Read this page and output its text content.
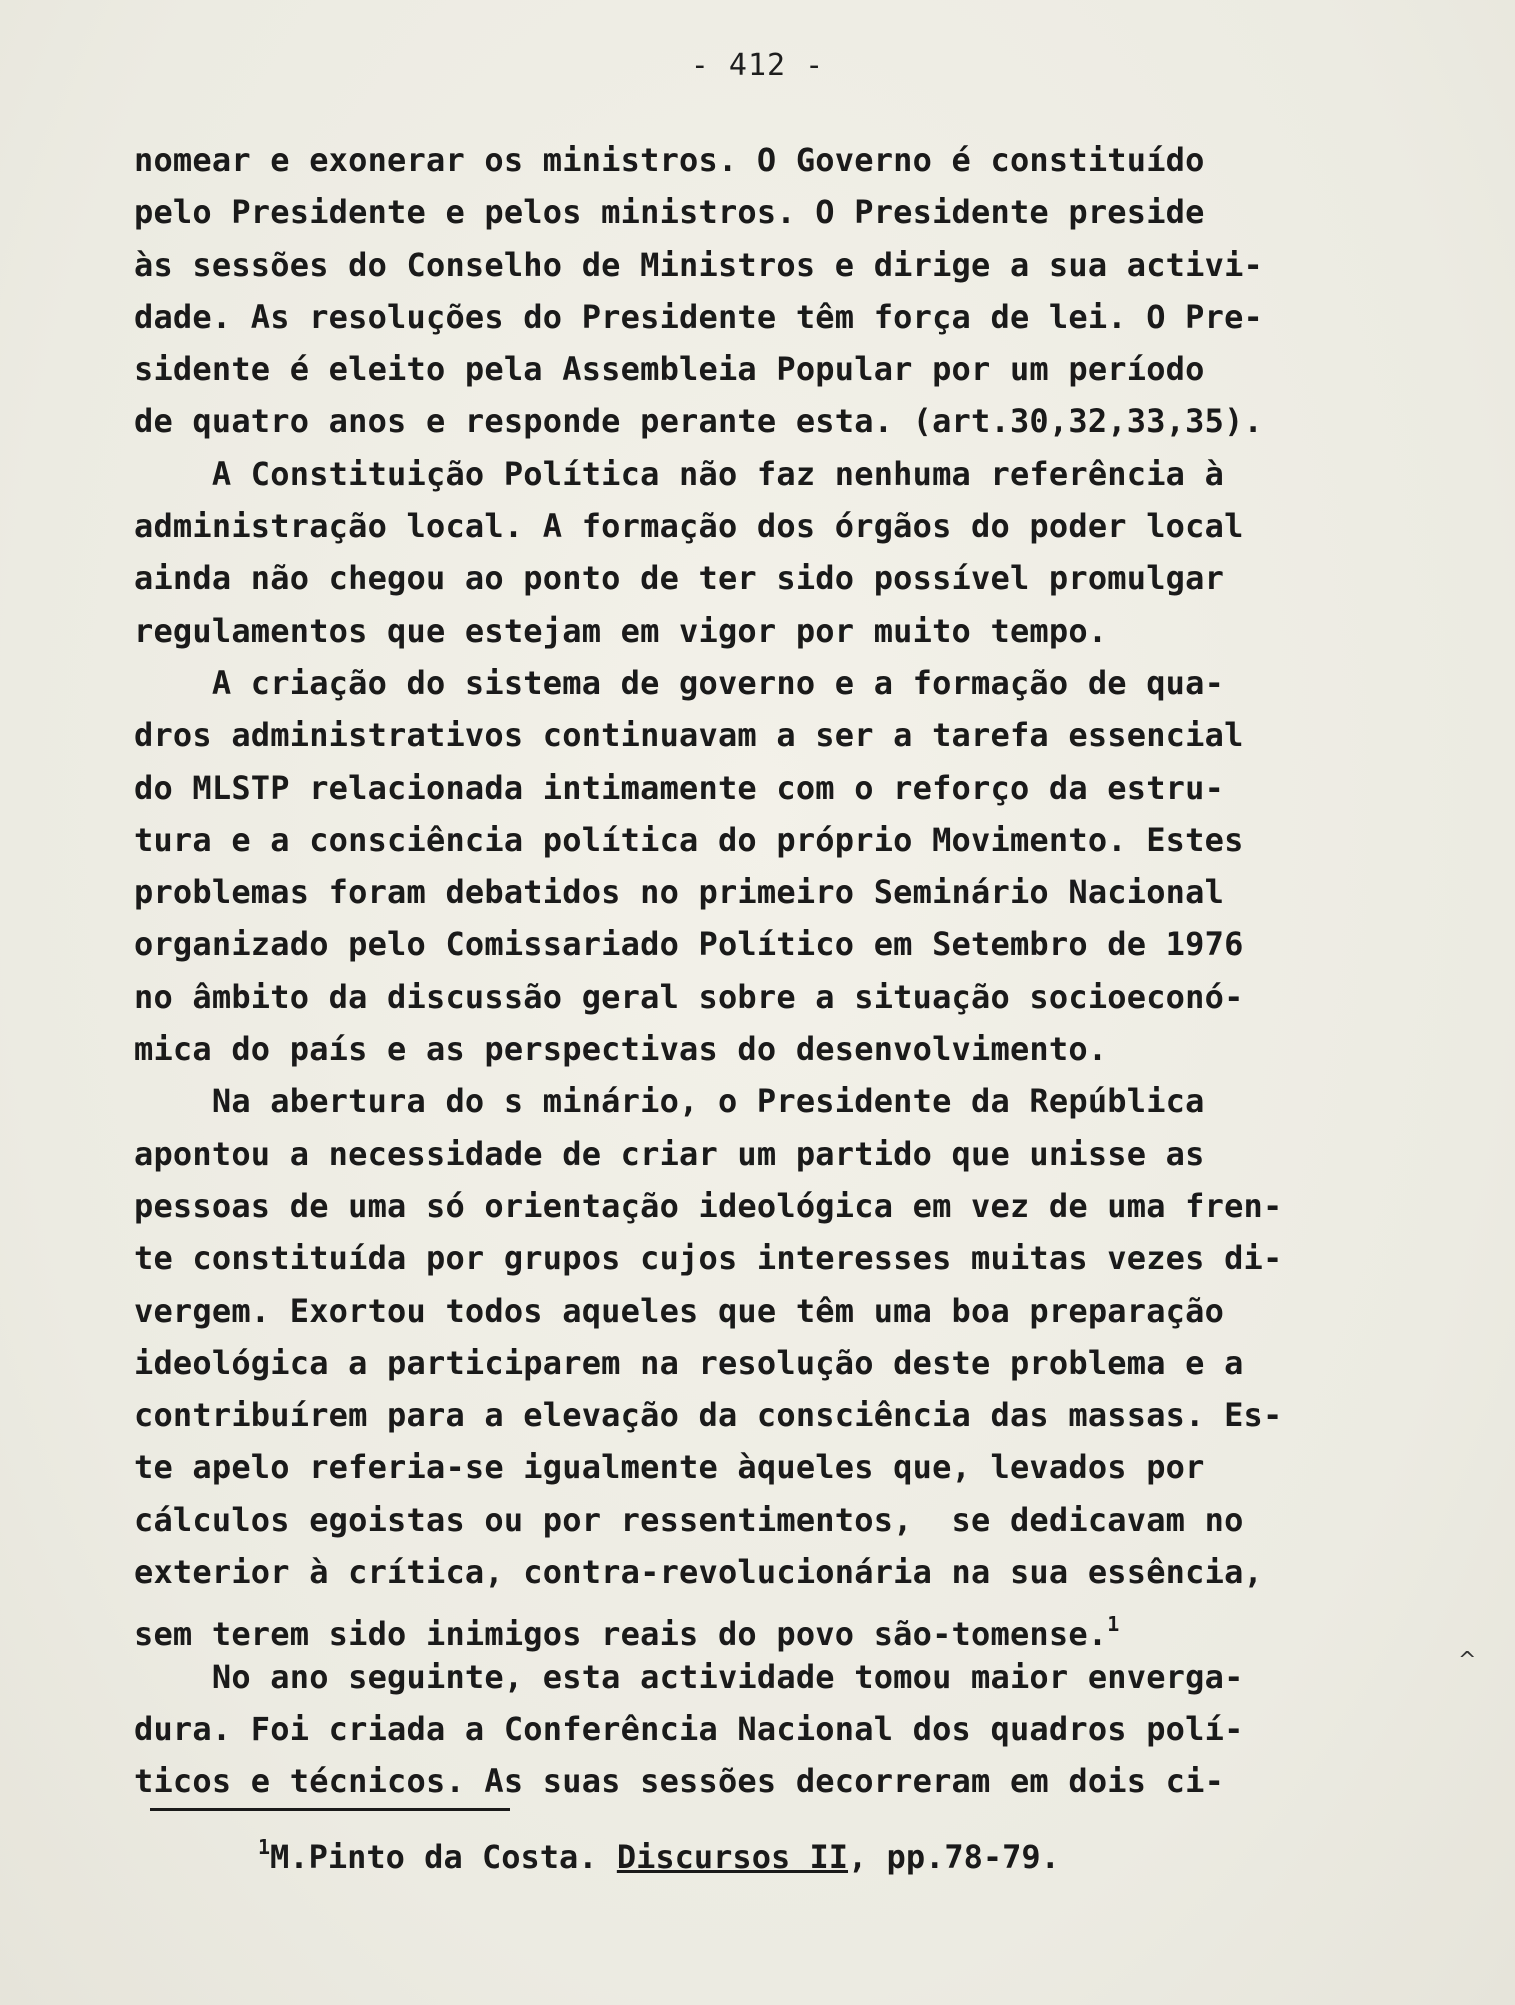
- 412 -
nomear e exonerar os ministros. O Governo é constituído
pelo Presidente e pelos ministros. O Presidente preside
às sessões do Conselho de Ministros e dirige a sua activi-
dade. As resoluções do Presidente têm força de lei. O Pre-
sidente é eleito pela Assembleia Popular por um período
de quatro anos e responde perante esta. (art.30,32,33,35).
A Constituição Política não faz nenhuma referência à
administração local. A formação dos órgãos do poder local
ainda não chegou ao ponto de ter sido possível promulgar
regulamentos que estejam em vigor por muito tempo.
A criação do sistema de governo e a formação de qua-
dros administrativos continuavam a ser a tarefa essencial
do MLSTP relacionada intimamente com o reforço da estru-
tura e a consciência política do próprio Movimento. Estes
problemas foram debatidos no primeiro Seminário Nacional
organizado pelo Comissariado Político em Setembro de 1976
no âmbito da discussão geral sobre a situação socioeconó-
mica do país e as perspectivas do desenvolvimento.
Na abertura do s minário, o Presidente da República
apontou a necessidade de criar um partido que unisse as
pessoas de uma só orientação ideológica em vez de uma fren-
te constituída por grupos cujos interesses muitas vezes di-
vergem. Exortou todos aqueles que têm uma boa preparação
ideológica a participarem na resolução deste problema e a
contribuírem para a elevação da consciência das massas. Es-
te apelo referia-se igualmente àqueles que, levados por
cálculos egoistas ou por ressentimentos,  se dedicavam no
exterior à crítica, contra-revolucionária na sua essência,
sem terem sido inimigos reais do povo são-tomense.$^1$
No ano seguinte, esta actividade tomou maior enverga-
dura. Foi criada a Conferência Nacional dos quadros polí-
ticos e técnicos. As suas sessões decorreram em dois ci-
$^1$M.Pinto da Costa. Discursos II, pp.78-79.
^
